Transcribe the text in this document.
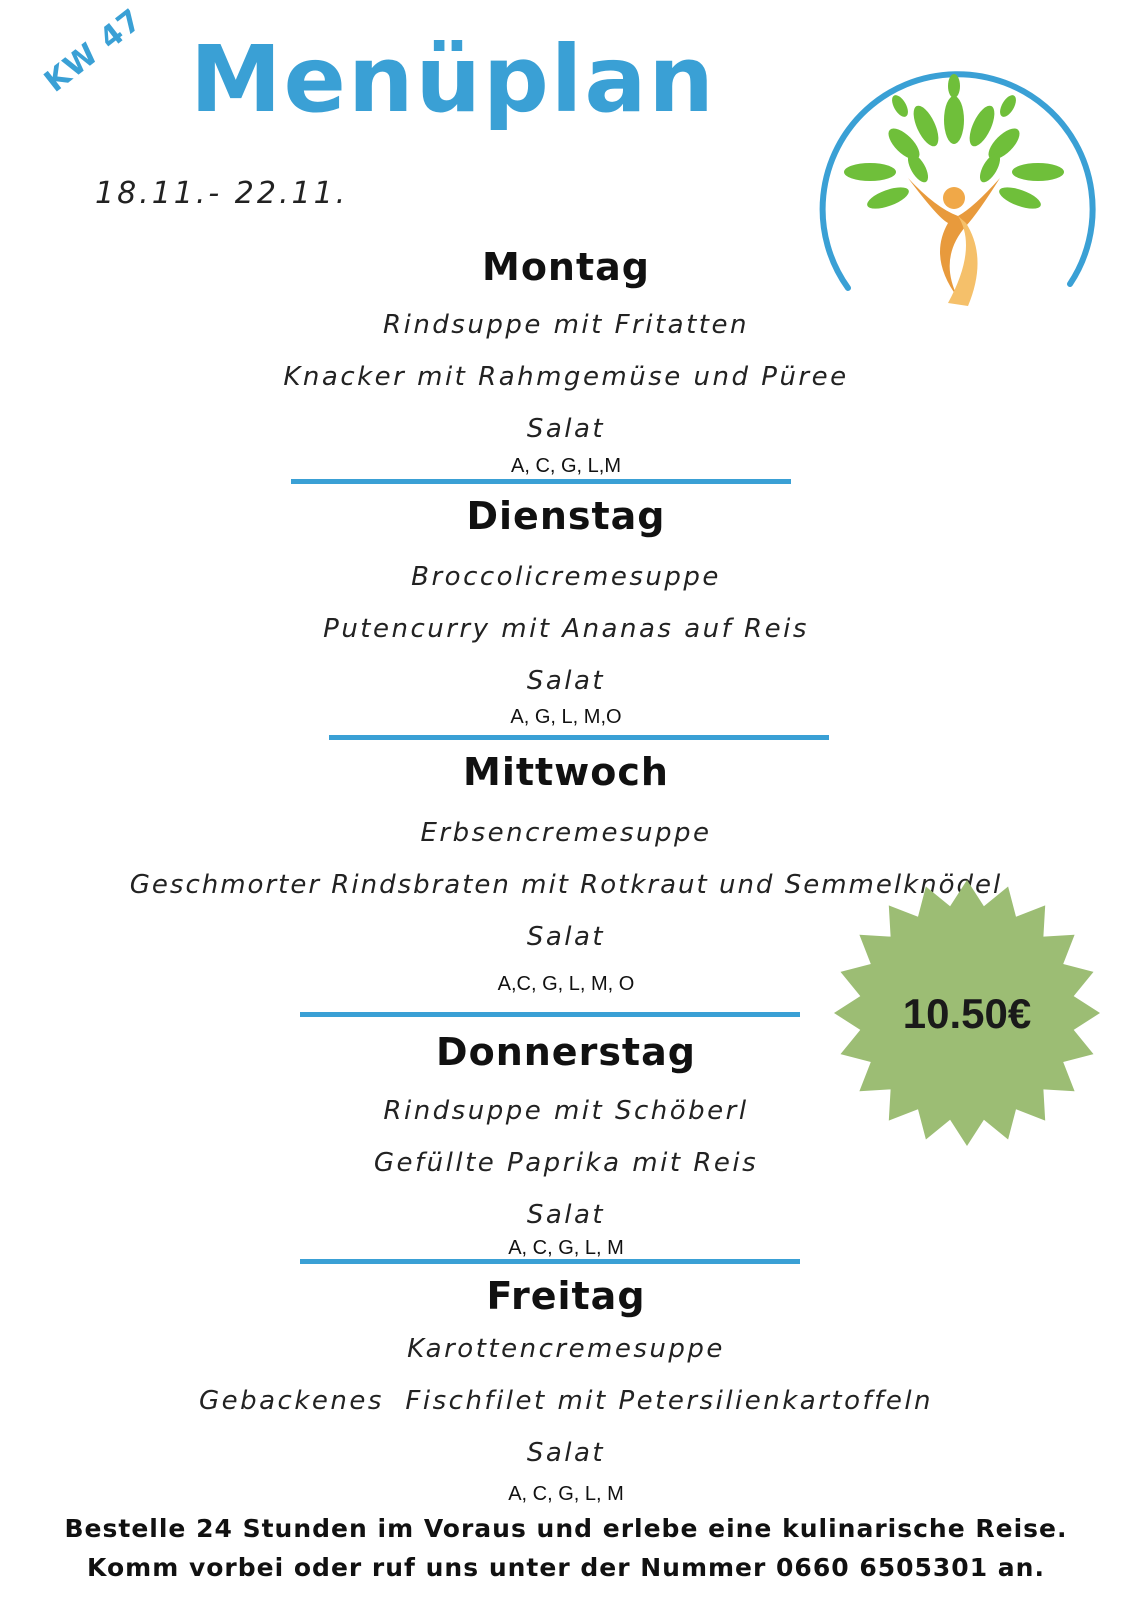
KW 47 Menüplan
18.11.- 22.11.
Montag
Rindsuppe mit Fritatten
Knacker mit Rahmgemüse und Püree
Salat
A, C, G, L,M
Dienstag
Broccolicremesuppe
Putencurry mit Ananas auf Reis
Salat
A, G, L, M,O
Mittwoch
Erbsencremesuppe
Geschmorter Rindsbraten mit Rotkraut und Semmelknödel
Salat
A,C, G, L, M, O
Donnerstag
Rindsuppe mit Schöberl
Gefüllte Paprika mit Reis
Salat
A, C, G, L, M
Freitag
Karottencremesuppe
Gebackenes  Fischfilet mit Petersilienkartoffeln
Salat
A, C, G, L, M
10.50€
Bestelle 24 Stunden im Voraus und erlebe eine kulinarische Reise.
Komm vorbei oder ruf uns unter der Nummer 0660 6505301 an.
